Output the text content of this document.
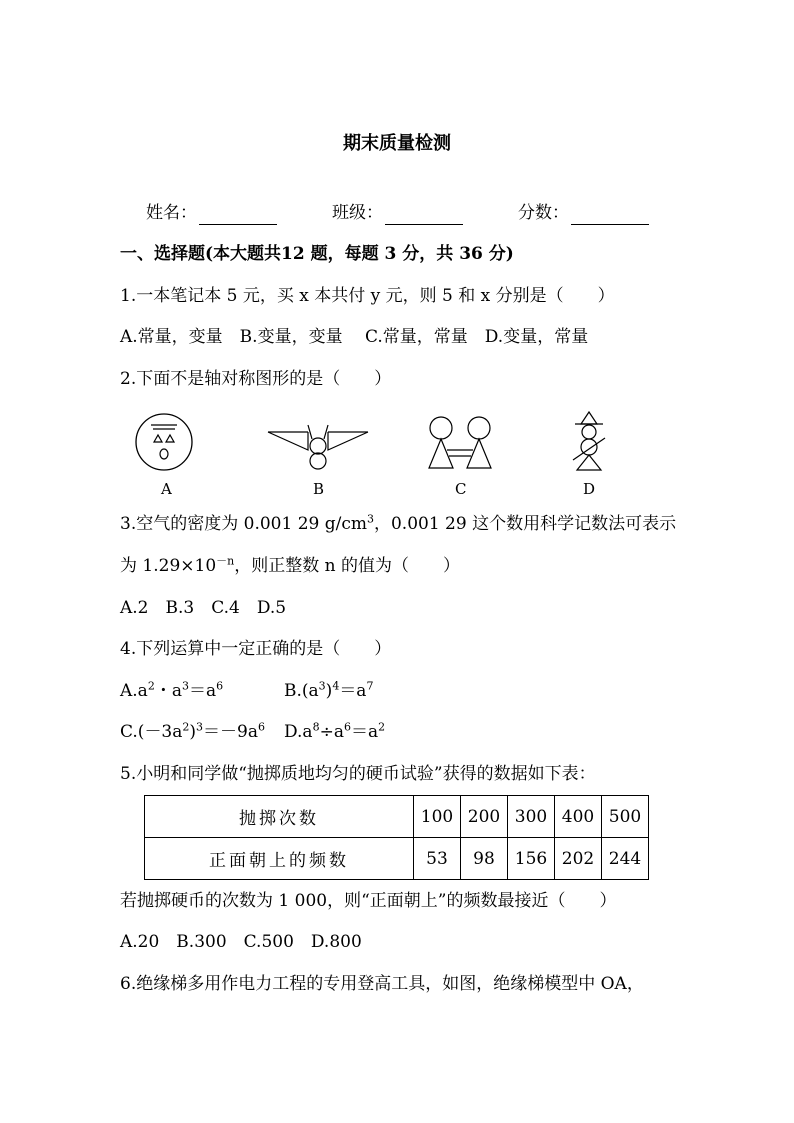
期末质量检测
姓名：	班级：	分数：
一、选择题(本大题共12 题，每题 3 分，共 36 分)
1.一本笔记本 5 元，买 x 本共付 y 元，则 5 和 x 分别是（　　）
A.常量，变量　B.变量，变量　 C.常量，常量　D.变量，常量
2.下面不是轴对称图形的是（　　）
A	B	C	D
3.空气的密度为 0.001 29 $g/cm^3$，0.001 29 这个数用科学记数法可表示
为 $1.29\times 10^{-n}$，则正整数 n 的值为（　　）
A.2　B.3　C.4　D.5
4.下列运算中一定正确的是（　　）
$A.a^2$・$a^3=a^6$	$B.(a^3)^4=a^7$
$C.(-3a^2)^3=-9a^6$ $D.a^8\div a^6=a^2$
5.小明和同学做“抛掷质地均匀的硬币试验”获得的数据如下表：
抛掷次数	100	200	300	400	500
正面朝上的频数	53	98	156	202	244
若抛掷硬币的次数为 1 000，则“正面朝上”的频数最接近（　　）
A.20　B.300　C.500　D.800
6.绝缘梯多用作电力工程的专用登高工具，如图，绝缘梯模型中 OA，
